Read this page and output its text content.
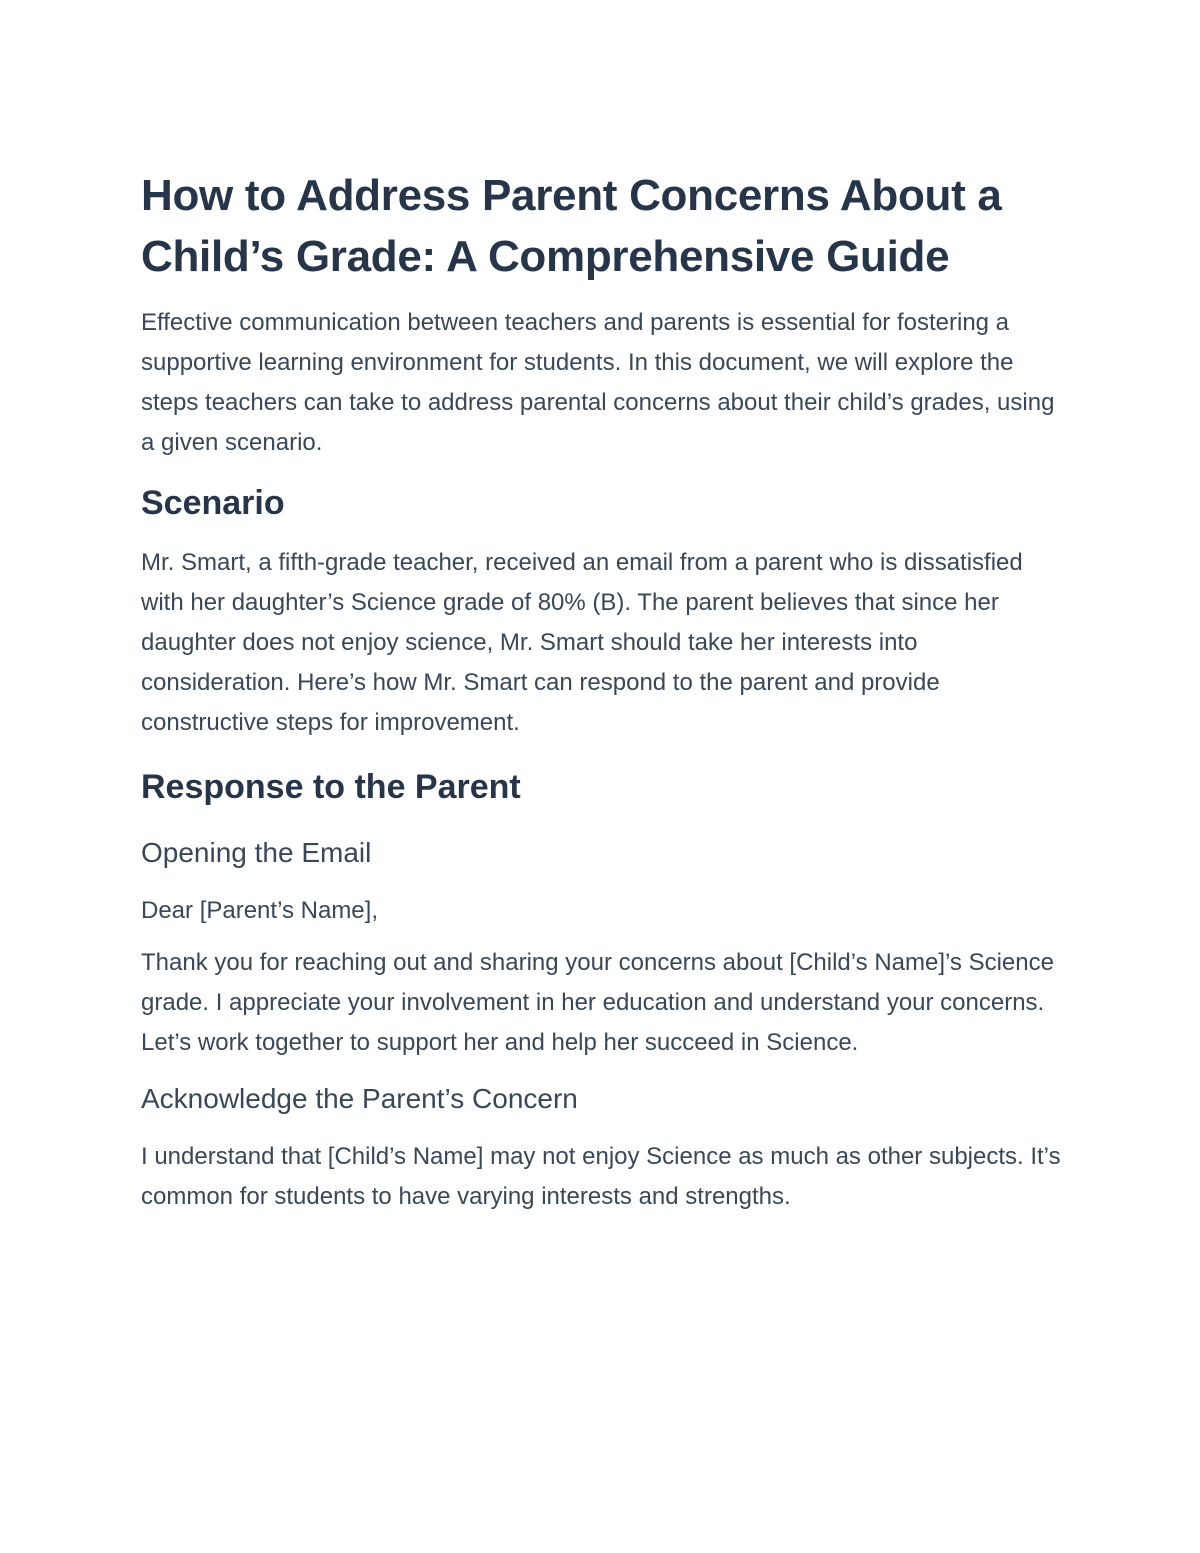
How to Address Parent Concerns About a Child’s Grade: A Comprehensive Guide

Effective communication between teachers and parents is essential for fostering a supportive learning environment for students. In this document, we will explore the steps teachers can take to address parental concerns about their child’s grades, using a given scenario.

Scenario

Mr. Smart, a fifth-grade teacher, received an email from a parent who is dissatisfied with her daughter’s Science grade of 80% (B). The parent believes that since her daughter does not enjoy science, Mr. Smart should take her interests into consideration. Here’s how Mr. Smart can respond to the parent and provide constructive steps for improvement.

Response to the Parent
Opening the Email

Dear [Parent’s Name],

Thank you for reaching out and sharing your concerns about [Child’s Name]’s Science grade. I appreciate your involvement in her education and understand your concerns. Let’s work together to support her and help her succeed in Science.

Acknowledge the Parent’s Concern

I understand that [Child’s Name] may not enjoy Science as much as other subjects. It’s common for students to have varying interests and strengths.
